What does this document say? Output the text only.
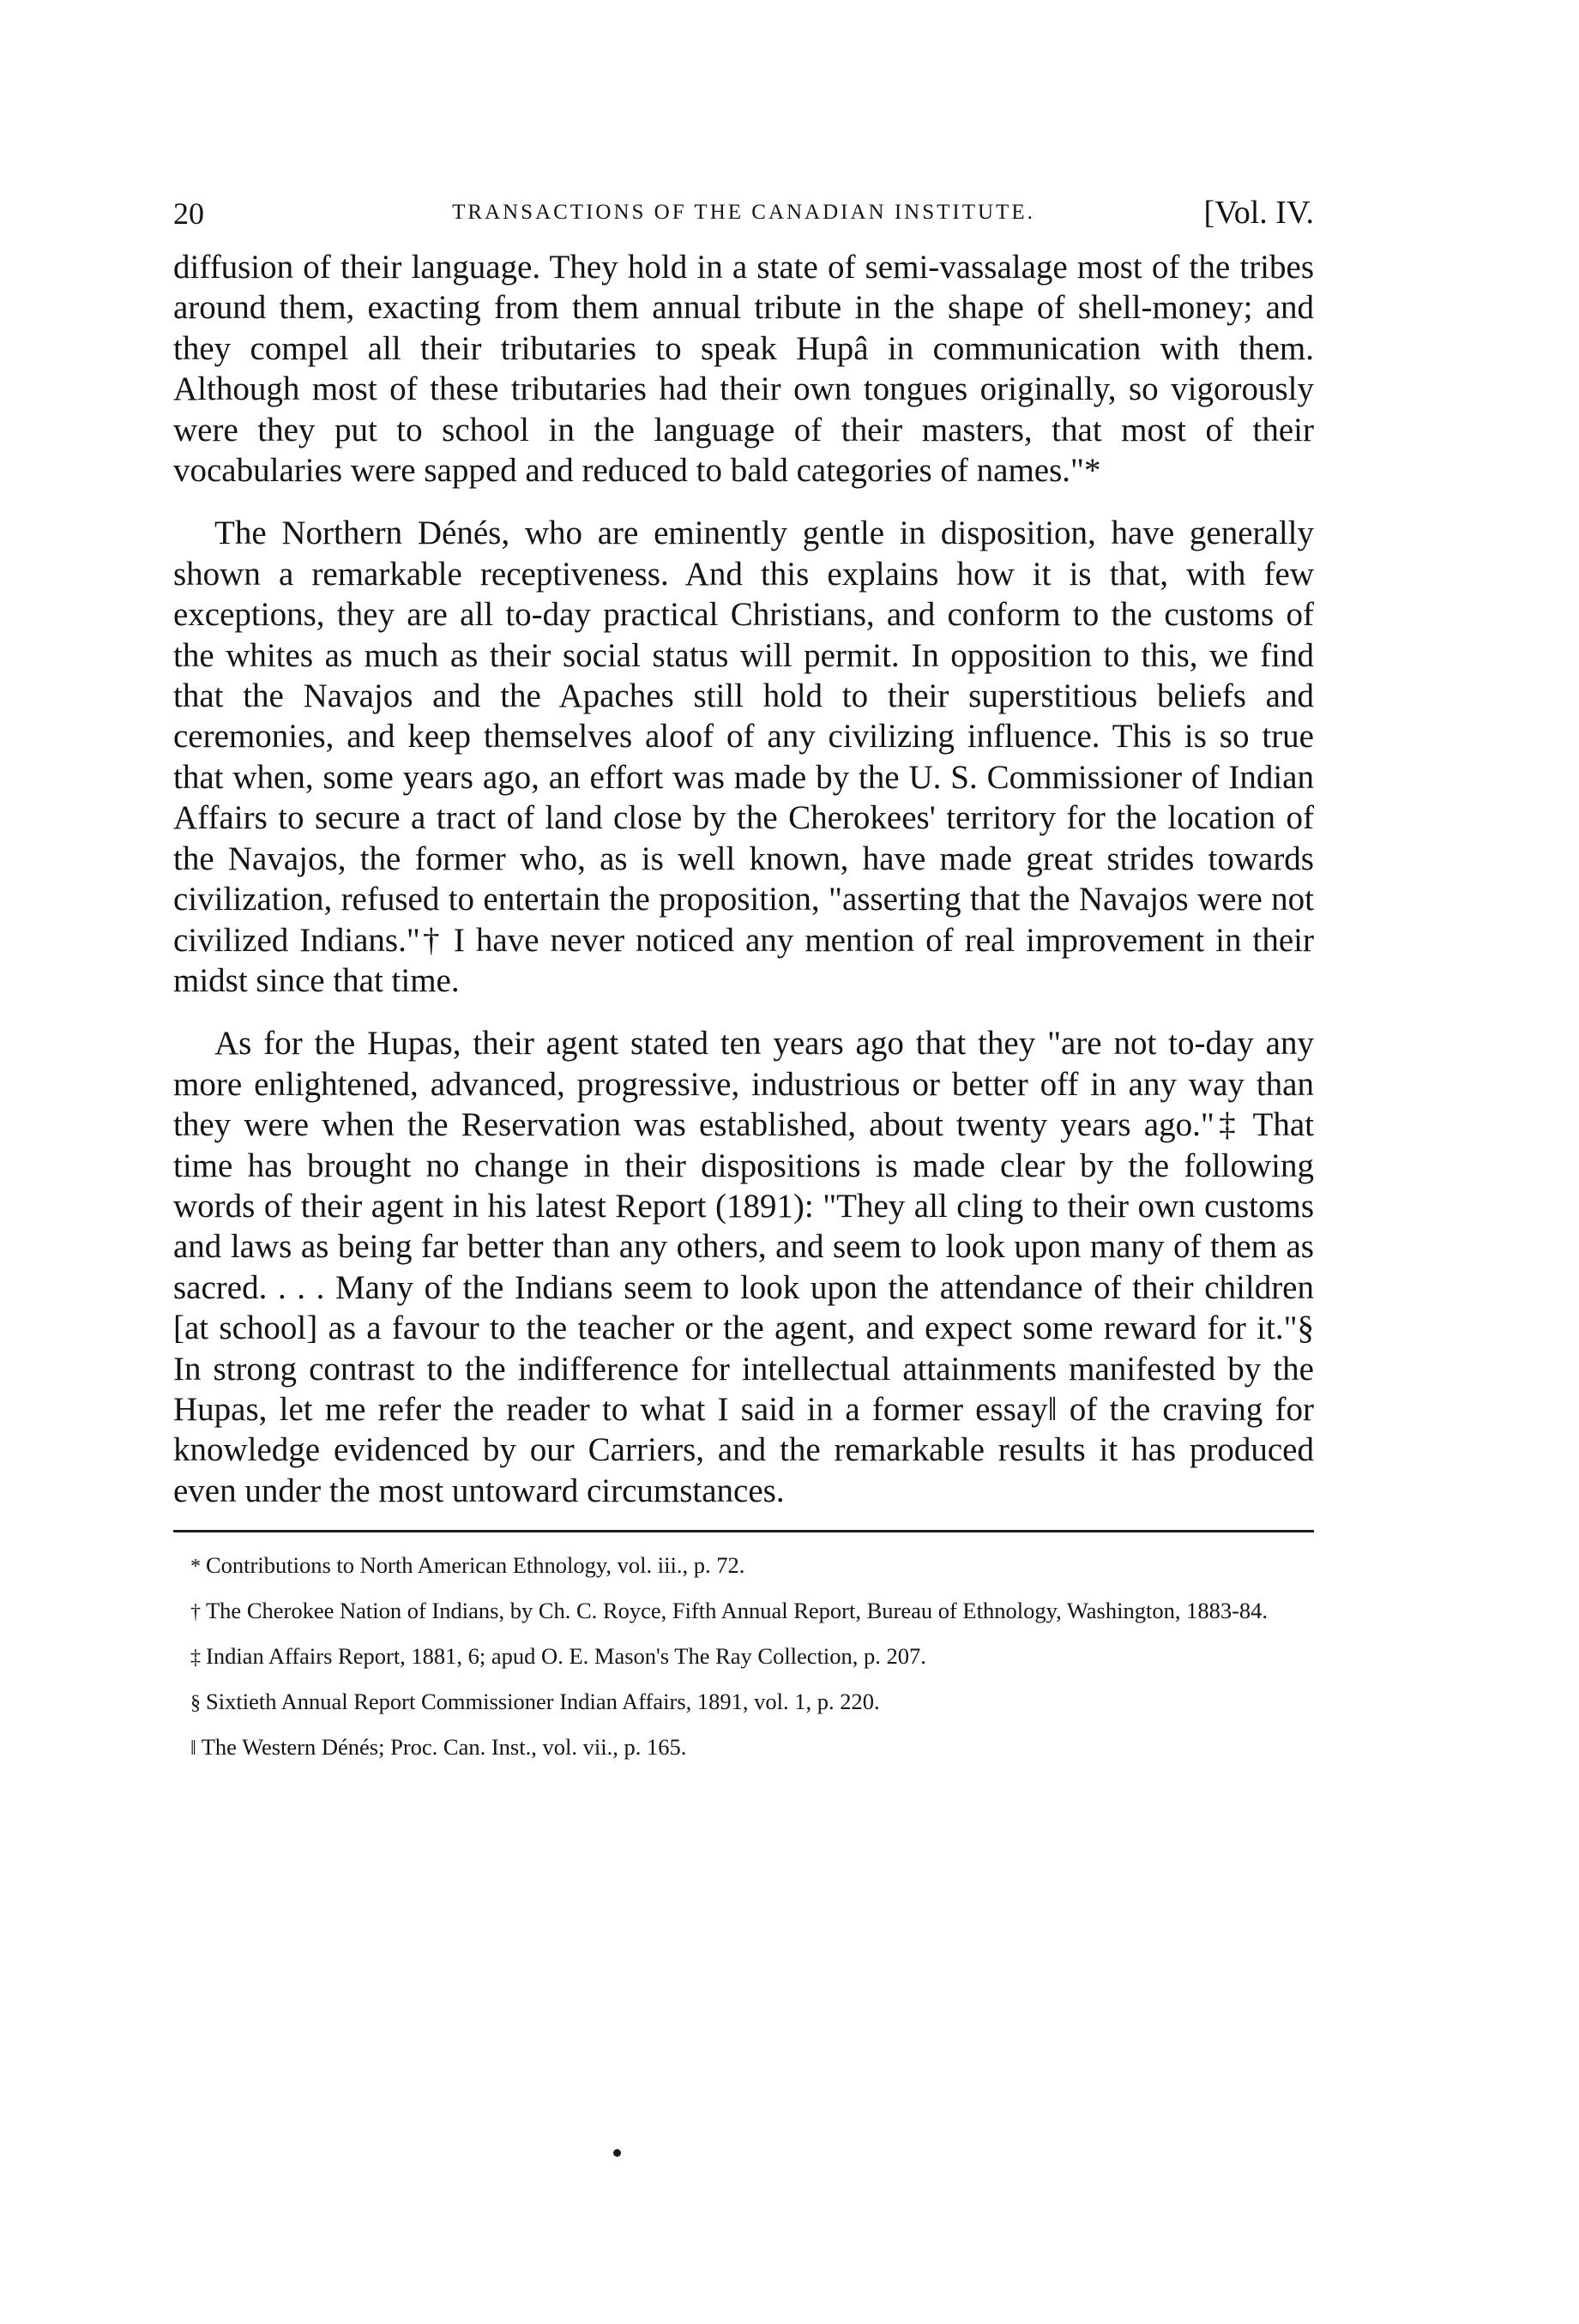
20	TRANSACTIONS OF THE CANADIAN INSTITUTE.	[Vol. IV.

diffusion of their language. They hold in a state of semi-vassalage most of the tribes around them, exacting from them annual tribute in the shape of shell-money; and they compel all their tributaries to speak Hupâ in communication with them. Although most of these tributaries had their own tongues originally, so vigorously were they put to school in the language of their masters, that most of their vocabularies were sapped and reduced to bald categories of names."*

The Northern Dénés, who are eminently gentle in disposition, have generally shown a remarkable receptiveness. And this explains how it is that, with few exceptions, they are all to-day practical Christians, and conform to the customs of the whites as much as their social status will permit. In opposition to this, we find that the Navajos and the Apaches still hold to their superstitious beliefs and ceremonies, and keep themselves aloof of any civilizing influence. This is so true that when, some years ago, an effort was made by the U. S. Commissioner of Indian Affairs to secure a tract of land close by the Cherokees' territory for the location of the Navajos, the former who, as is well known, have made great strides towards civilization, refused to entertain the proposition, "asserting that the Navajos were not civilized Indians."† I have never noticed any mention of real improvement in their midst since that time.

As for the Hupas, their agent stated ten years ago that they "are not to-day any more enlightened, advanced, progressive, industrious or better off in any way than they were when the Reservation was established, about twenty years ago."‡ That time has brought no change in their dispositions is made clear by the following words of their agent in his latest Report (1891): "They all cling to their own customs and laws as being far better than any others, and seem to look upon many of them as sacred. . . . Many of the Indians seem to look upon the attendance of their children [at school] as a favour to the teacher or the agent, and expect some reward for it."§ In strong contrast to the indifference for intellectual attainments manifested by the Hupas, let me refer the reader to what I said in a former essay‖ of the craving for knowledge evidenced by our Carriers, and the remarkable results it has produced even under the most untoward circumstances.

* Contributions to North American Ethnology, vol. iii., p. 72.

† The Cherokee Nation of Indians, by Ch. C. Royce, Fifth Annual Report, Bureau of Ethnology, Washington, 1883-84.

‡ Indian Affairs Report, 1881, 6; apud O. E. Mason's The Ray Collection, p. 207.

§ Sixtieth Annual Report Commissioner Indian Affairs, 1891, vol. 1, p. 220.

‖ The Western Dénés; Proc. Can. Inst., vol. vii., p. 165.
